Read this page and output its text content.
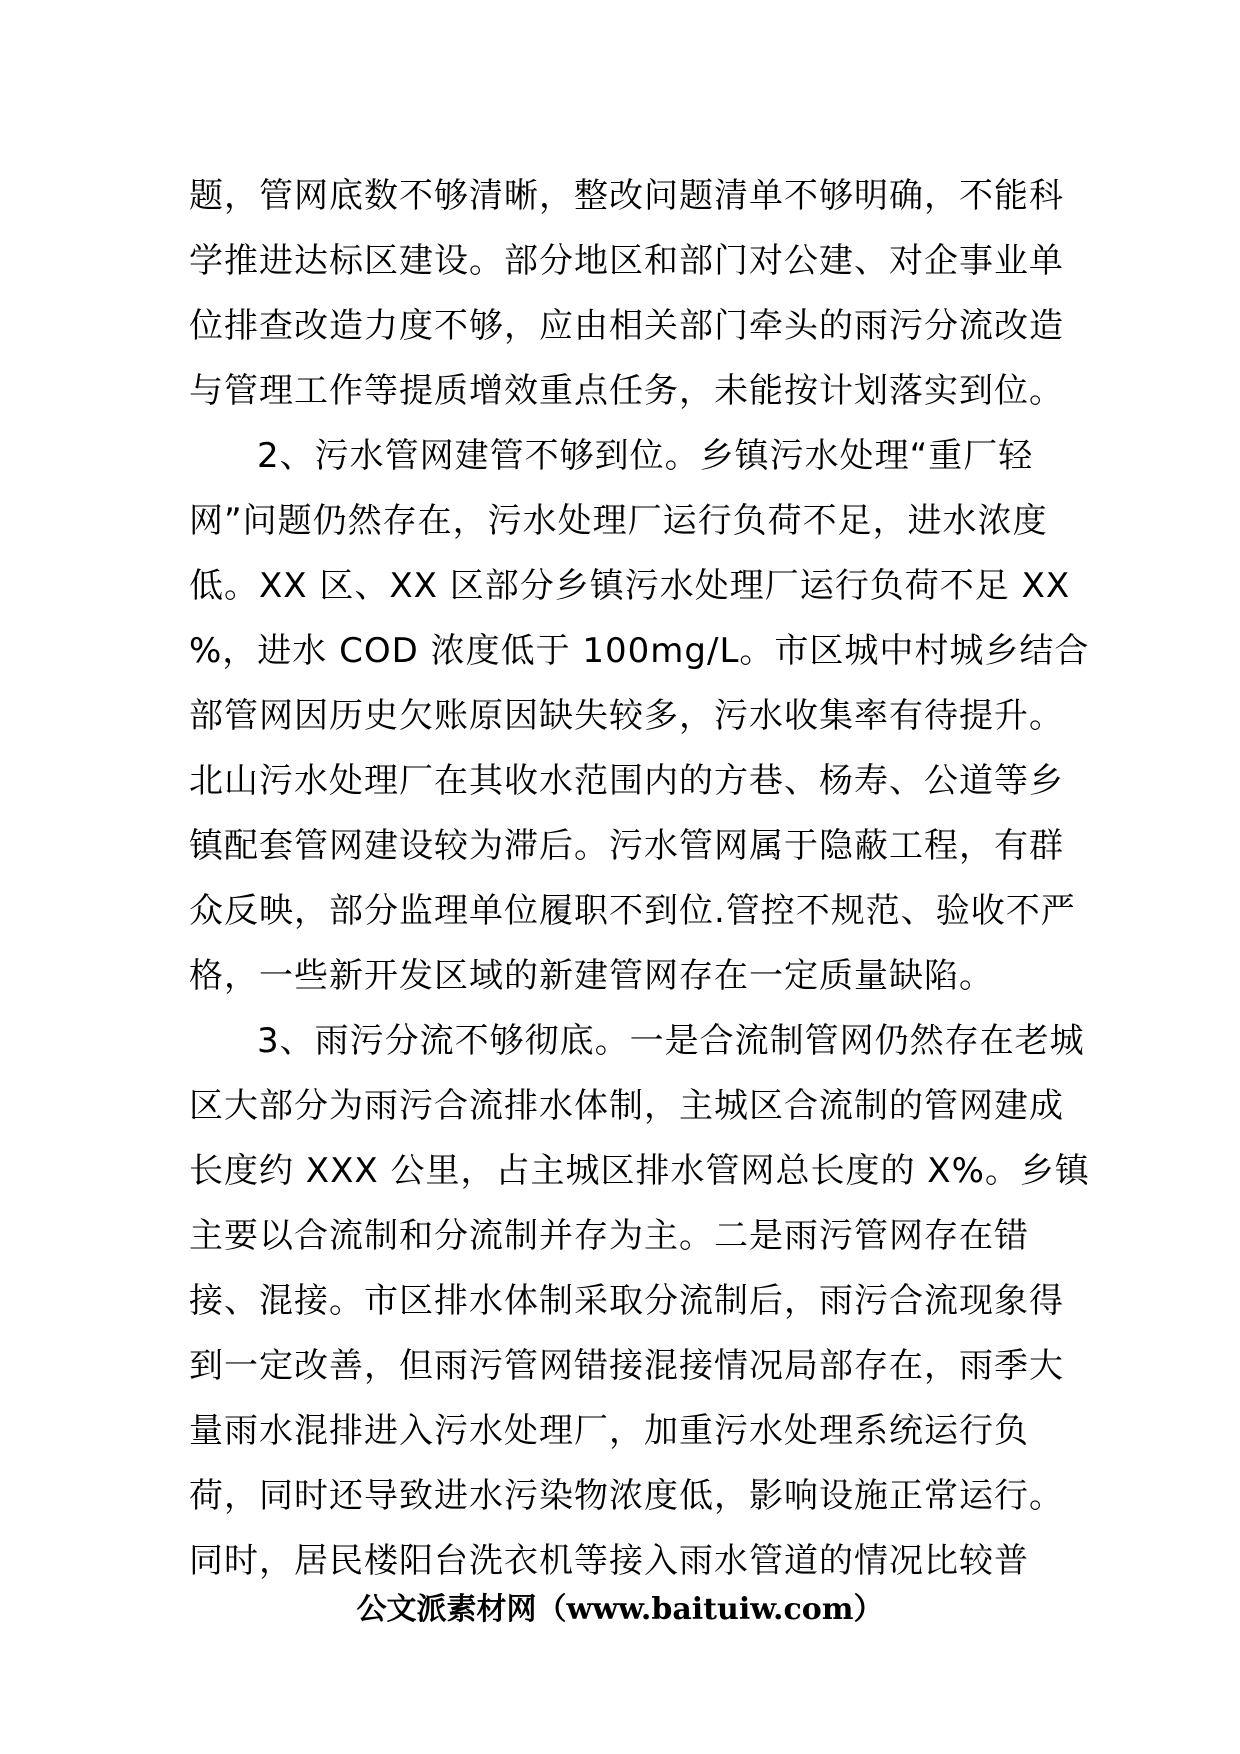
题，管网底数不够清晰，整改问题清单不够明确，不能科
学推进达标区建设。部分地区和部门对公建、对企事业单
位排查改造力度不够，应由相关部门牵头的雨污分流改造
与管理工作等提质增效重点任务，未能按计划落实到位。
2、污水管网建管不够到位。乡镇污水处理“重厂轻
网”问题仍然存在，污水处理厂运行负荷不足，进水浓度
低。XX 区、XX 区部分乡镇污水处理厂运行负荷不足 XX
%，进水 COD 浓度低于 100mg/L。市区城中村城乡结合
部管网因历史欠账原因缺失较多，污水收集率有待提升。
北山污水处理厂在其收水范围内的方巷、杨寿、公道等乡
镇配套管网建设较为滞后。污水管网属于隐蔽工程，有群
众反映，部分监理单位履职不到位.管控不规范、验收不严
格，一些新开发区域的新建管网存在一定质量缺陷。
3、雨污分流不够彻底。一是合流制管网仍然存在老城
区大部分为雨污合流排水体制，主城区合流制的管网建成
长度约 XXX 公里，占主城区排水管网总长度的 X%。乡镇
主要以合流制和分流制并存为主。二是雨污管网存在错
接、混接。市区排水体制采取分流制后，雨污合流现象得
到一定改善，但雨污管网错接混接情况局部存在，雨季大
量雨水混排进入污水处理厂，加重污水处理系统运行负
荷，同时还导致进水污染物浓度低，影响设施正常运行。
同时，居民楼阳台洗衣机等接入雨水管道的情况比较普
公文派素材网（www.baituiw.com）
